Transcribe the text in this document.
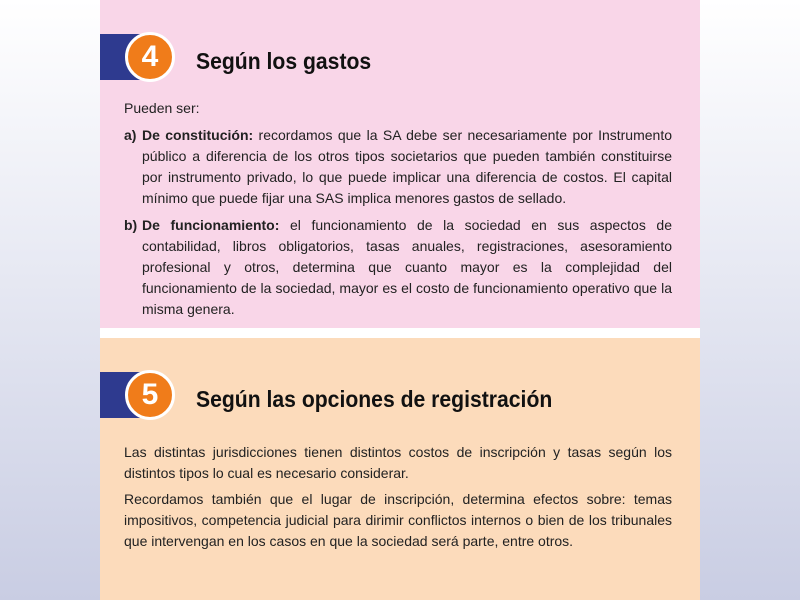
4	Según los gastos

Pueden ser:

a) De constitución: recordamos que la SA debe ser necesariamente por Instrumento público a diferencia de los otros tipos societarios que pueden también constituirse por instrumento privado, lo que puede implicar una diferencia de costos. El capital mínimo que puede fijar una SAS implica menores gastos de sellado.
b) De funcionamiento: el funcionamiento de la sociedad en sus aspectos de contabilidad, libros obligatorios, tasas anuales, registraciones, asesoramiento profesional y otros, determina que cuanto mayor es la complejidad del funcionamiento de la sociedad, mayor es el costo de funcionamiento operativo que la misma genera.
5	Según las opciones de registración

Las distintas jurisdicciones tienen distintos costos de inscripción y tasas según los distintos tipos lo cual es necesario considerar.

Recordamos también que el lugar de inscripción, determina efectos sobre: temas impositivos, competencia judicial para dirimir conflictos internos o bien de los tribunales que intervengan en los casos en que la sociedad será parte, entre otros.
